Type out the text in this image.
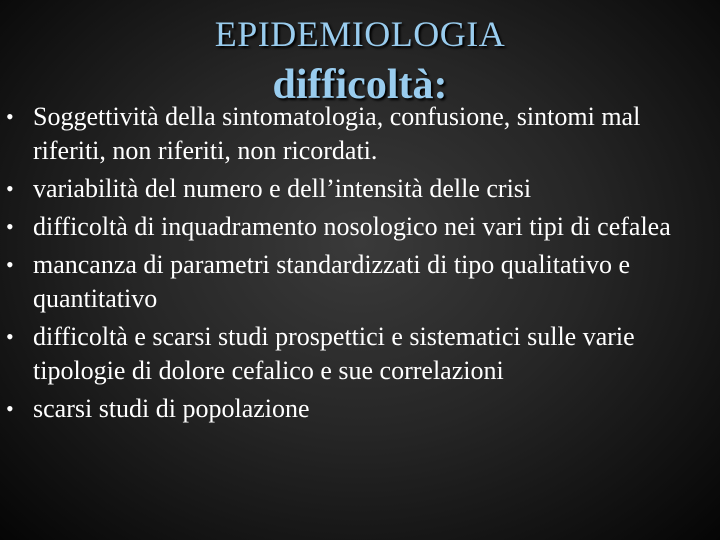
EPIDEMIOLOGIA
difficoltà:
• Soggettività della sintomatologia, confusione, sintomi mal riferiti, non riferiti, non ricordati.
• variabilità del numero e dell’intensità delle crisi
• difficoltà di inquadramento nosologico nei vari tipi di cefalea
• mancanza di parametri standardizzati di tipo qualitativo e quantitativo
• difficoltà e scarsi studi prospettici e sistematici sulle varie tipologie di dolore cefalico e sue correlazioni
• scarsi studi di popolazione
